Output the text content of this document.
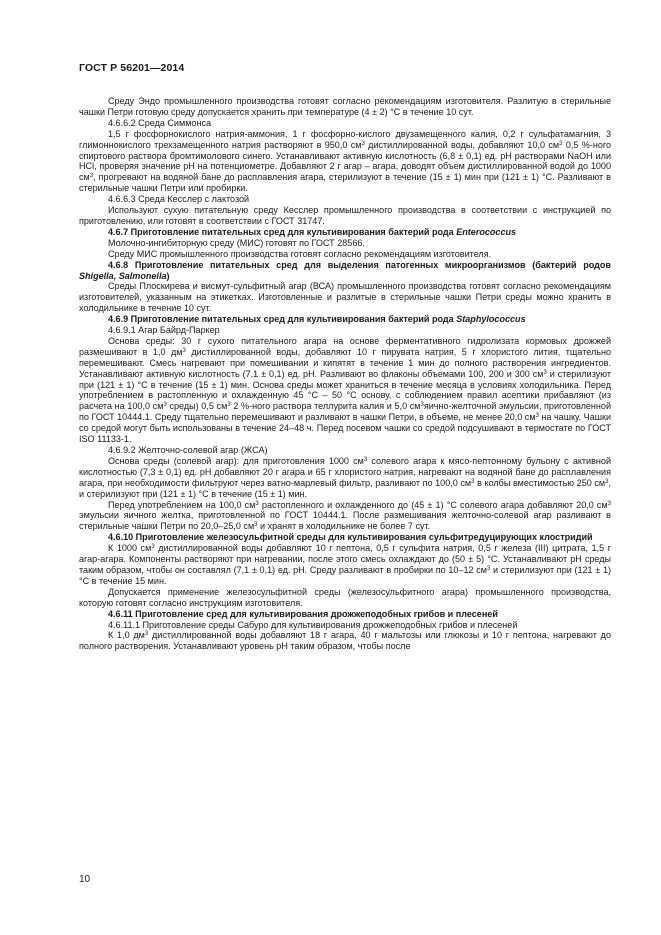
ГОСТ Р 56201—2014

Среду Эндо промышленного производства готовят согласно рекомендациям изготовителя. Разлитую в стерильные чашки Петри готовую среду допускается хранить при температуре (4 ± 2) °С в течение 10 сут.

4.6.6.2 Среда Симмонса

1,5 г фосфорнокислого натрия-аммония, 1 г фосфорно-кислого двузамещенного калия, 0,2 г сульфатамагния, 3 глимоннокислого трехзамещенного натрия растворяют в 950,0 $см^3$ дистиллированной воды, добавляют 10,0 $см^3$ 0,5 %-ного спиртового раствора бромтимолового синего. Устанавливают активную кислотность (6,8 ± 0,1) ед. рН растворами NaOH или HCl, проверяя значение рН на потенциометре. Добавляют 2 г агар – агара, доводят объем дистиллированной водой до 1000 $см^3$, прогревают на водяной бане до расплавления агара, стерилизуют в течение (15 ± 1) мин при (121 ± 1) °С. Разливают в стерильные чашки Петри или пробирки.

4.6.6.3 Среда Кесслер с лактозой

Используют сухую питательную среду Кесслер промышленного производства в соответствии с инструкцией по приготовлению, или готовят в соответствии с ГОСТ 31747.

4.6.7 Приготовление питательных сред для культивирования бактерий рода Enterococcus

Молочно-ингибиторную среду (МИС) готовят по ГОСТ 28566.

Среду МИС промышленного производства готовят согласно рекомендациям изготовителя.

4.6.8 Приготовление питательных сред для выделения патогенных микроорганизмов (бактерий родов Shigella, Salmonella)

Среды Плоскирева и висмут-сульфитный агар (ВСА) промышленного производства готовят согласно рекомендациям изготовителей, указанным на этикетках. Изготовленные и разлитые в стерильные чашки Петри среды можно хранить в холодильнике в течение 10 сут.

4.6.9 Приготовление питательных сред для культивирования бактерий рода Staphylococcus

4.6.9.1 Агар Байрд-Паркер

Основа среды: 30 г сухого питательного агара на основе ферментативного гидролизата кормовых дрожжей размешивают в 1,0 $дм^3$ дистиллированной воды, добавляют 10 г пирувата натрия, 5 г хлористого лития, тщательно перемешивают. Смесь нагревают при помешивании и кипятят в течение 1 мин до полного растворения ингредиентов. Устанавливают активную кислотность (7,1 ± 0,1) ед. рН. Разливают во флаконы объемами 100, 200 и 300 $см^3$ и стерилизуют при (121 ± 1) °С в течение (15 ± 1) мин. Основа среды может храниться в течение месяца в условиях холодильника. Перед употреблением в растопленную и охлажденную 45 °С – 50 °С основу, с соблюдением правил асептики прибавляют (из расчета на 100,0 $см^3$ среды) 0,5 $см^3$ 2 %-ного раствора теллурита калия и 5,0 $см^3яично$-желточной эмульсии, приготовленной по ГОСТ 10444.1. Среду тщательно перемешивают и разливают в чашки Петри, в объеме, не менее 20,0 $см^3$ на чашку. Чашки со средой могут быть использованы в течение 24–48 ч. Перед посевом чашки со средой подсушивают в термостате по ГОСТ ISO 11133-1.

4.6.9.2 Желточно-солевой агар (ЖСА)

Основа среды (солевой агар): для приготовления 1000 $см^3$ солевого агара к мясо-пептонному бульону с активной кислотностью (7,3 ± 0,1) ед. рН добавляют 20 г агара и 65 г хлористого натрия, нагревают на водяной бане до расплавления агара, при необходимости фильтруют через ватно-марлевый фильтр, разливают по 100,0 $см^3$ в колбы вместимостью 250 $см^3$, и стерилизуют при (121 ± 1) °С в течение (15 ± 1) мин.

Перед употреблением на 100,0 $см^3$ растопленного и охлажденного до (45 ± 1) °С солевого агара добавляют 20,0 $см^3$ эмульсии яичного желтка, приготовленной по ГОСТ 10444.1. После размешивания желточно-солевой агар разливают в стерильные чашки Петри по 20,0–25,0 $см^3$ и хранят в холодильнике не более 7 сут.

4.6.10 Приготовление железосульфитной среды для культивирования сульфитредуцирующих клостридий

К 1000 $см^3$ дистиллированной воды добавляют 10 г пептона, 0,5 г сульфита натрия, 0,5 г железа (III) цитрата, 1,5 г агар-агара. Компоненты растворяют при нагревании, после этого смесь охлаждают до (50 ± 5) °С. Устанавливают рН среды таким образом, чтобы он составлял (7,1 ± 0,1) ед. рН. Среду разливают в пробирки по 10–12 $см^3$ и стерилизуют при (121 ± 1) °С в течение 15 мин.

Допускается применение железосульфитной среды (железосульфитного агара) промышленного производства, которую готовят согласно инструкциям изготовителя.

4.6.11 Приготовление сред для культивирования дрожжеподобных грибов и плесеней

4.6.11.1 Приготовление среды Сабуро для культивирования дрожжеподобных грибов и плесеней

К 1,0 $дм^3$ дистиллированной воды добавляют 18 г агара, 40 г мальтозы или глюкозы и 10 г пептона, нагревают до полного растворения. Устанавливают уровень рН таким образом, чтобы после

10
